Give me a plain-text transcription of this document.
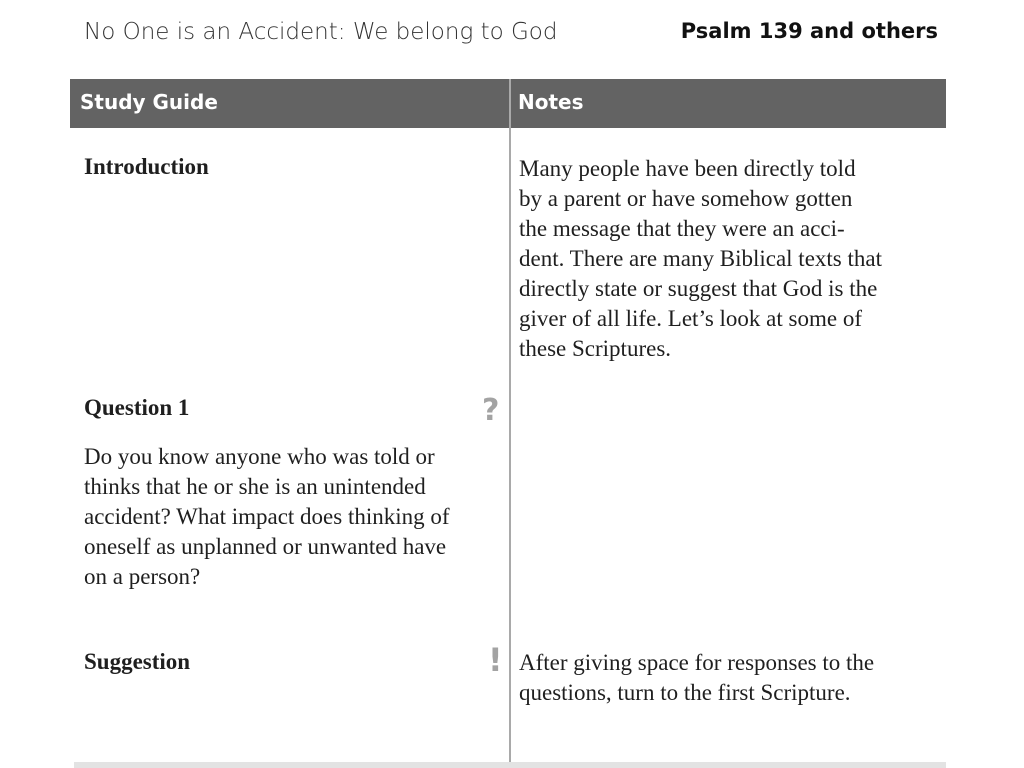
No One is an Accident: We belong to God	Psalm 139 and others
Study Guide	Notes
Introduction	Many people have been directly told
by a parent or have somehow gotten
the message that they were an acci-
dent. There are many Biblical texts that
directly state or suggest that God is the
giver of all life. Let’s look at some of
these Scriptures.
Question 1	?
Do you know anyone who was told or
thinks that he or she is an unintended
accident? What impact does thinking of
oneself as unplanned or unwanted have
on a person?
Suggestion	! After giving space for responses to the
questions, turn to the first Scripture.
